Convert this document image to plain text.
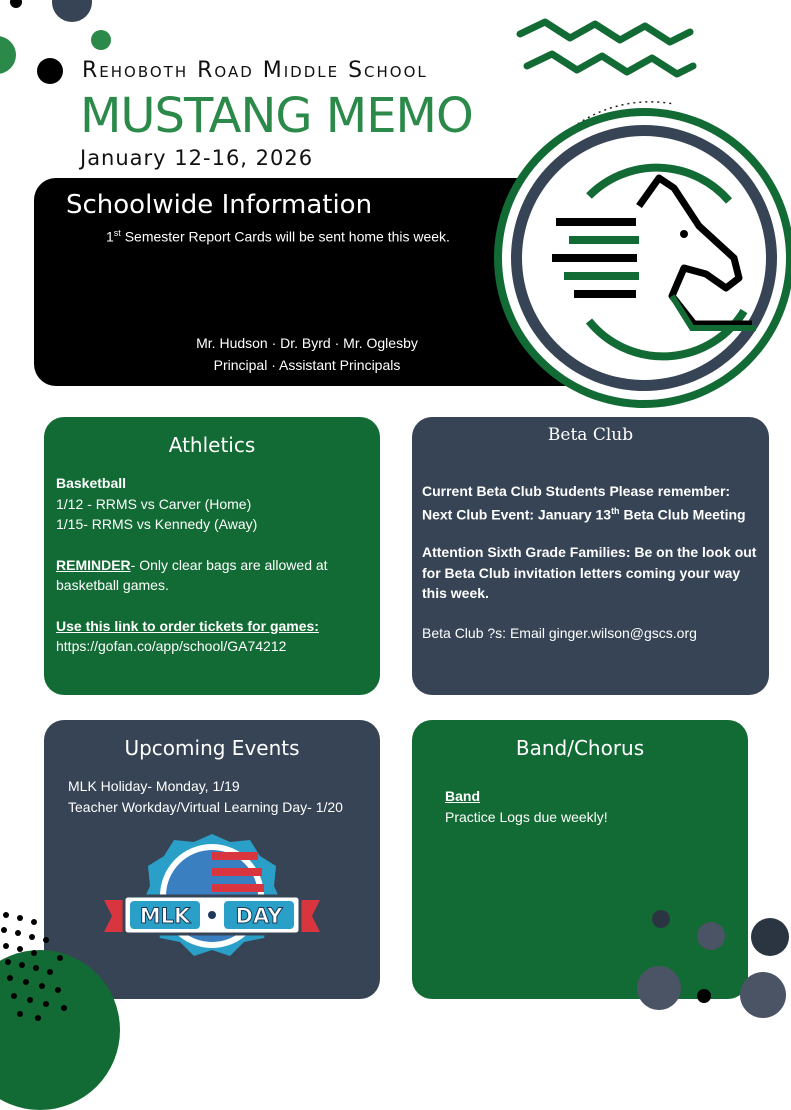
Rehoboth Road Middle School
MUSTANG MEMO
January 12-16, 2026
Schoolwide Information
1st Semester Report Cards will be sent home this week.
Mr. Hudson · Dr. Byrd · Mr. Oglesby
Principal · Assistant Principals
Athletics
Basketball
1/12 - RRMS vs Carver (Home)
1/15- RRMS vs Kennedy (Away)
REMINDER- Only clear bags are allowed at basketball games.
Use this link to order tickets for games:
https://gofan.co/app/school/GA74212
Beta Club
Current Beta Club Students Please remember:
Next Club Event: January 13th Beta Club Meeting
Attention Sixth Grade Families: Be on the look out for Beta Club invitation letters coming your way this week.
Beta Club ?s: Email ginger.wilson@gscs.org
Upcoming Events
MLK Holiday- Monday, 1/19
Teacher Workday/Virtual Learning Day- 1/20
MLK DAY
Band/Chorus
Band
Practice Logs due weekly!
